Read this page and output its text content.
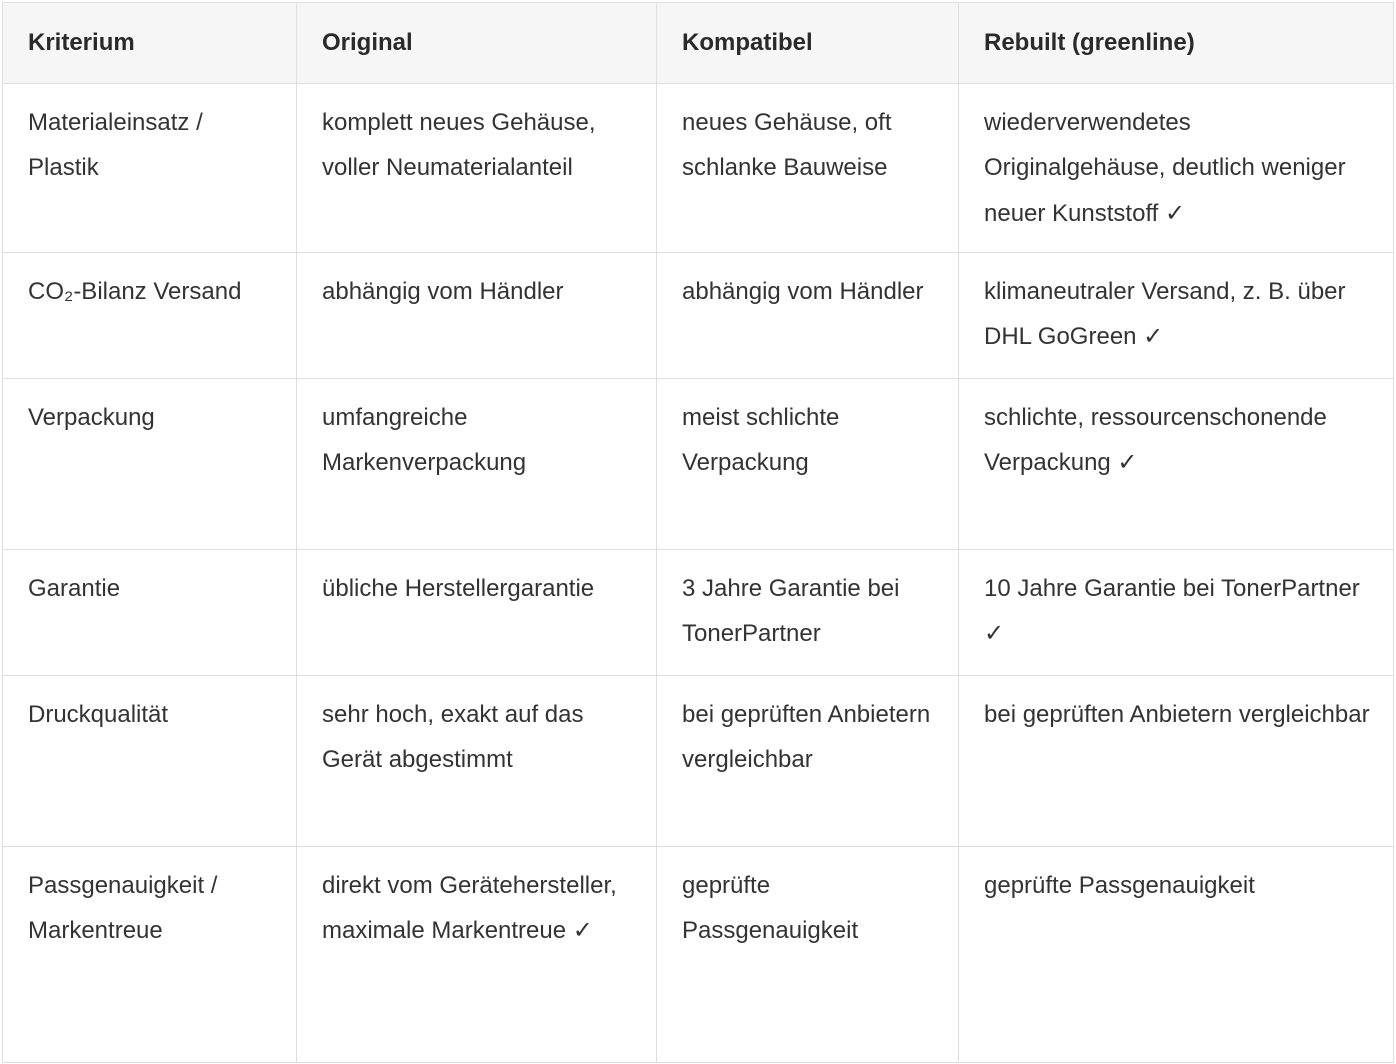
Kriterium	Original	Kompatibel	Rebuilt (greenline)
Materialeinsatz / Plastik	komplett neues Gehäuse, voller Neumaterialanteil	neues Gehäuse, oft schlanke Bauweise	wiederverwendetes Originalgehäuse, deutlich weniger neuer Kunststoff ✓
CO₂-Bilanz Versand	abhängig vom Händler	abhängig vom Händler	klimaneutraler Versand, z. B. über DHL GoGreen ✓
Verpackung	umfangreiche Markenverpackung	meist schlichte Verpackung	schlichte, ressourcenschonende Verpackung ✓
Garantie	übliche Herstellergarantie	3 Jahre Garantie bei TonerPartner	10 Jahre Garantie bei TonerPartner ✓
Druckqualität	sehr hoch, exakt auf das Gerät abgestimmt	bei geprüften Anbietern vergleichbar	bei geprüften Anbietern vergleichbar
Passgenauigkeit / Markentreue	direkt vom Gerätehersteller, maximale Markentreue ✓	geprüfte Passgenauigkeit	geprüfte Passgenauigkeit
